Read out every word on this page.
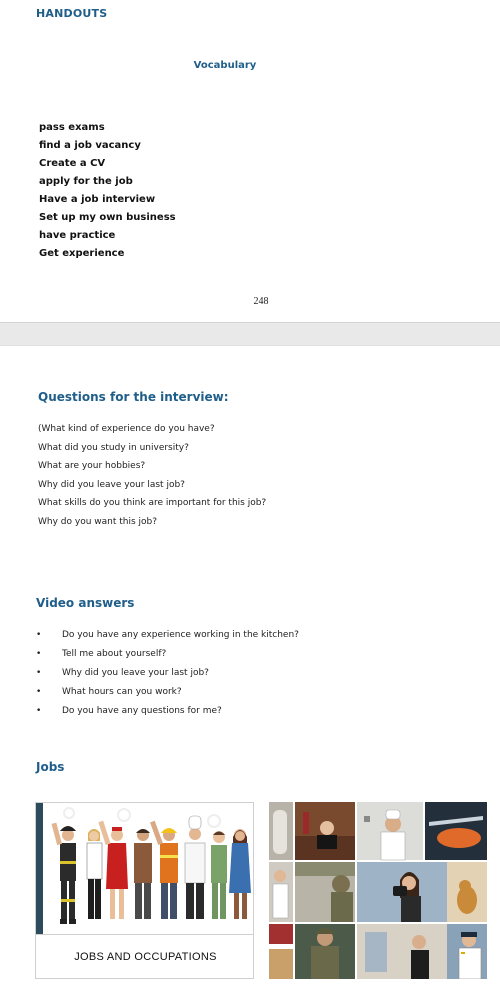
HANDOUTS
Vocabulary
pass exams
find a job vacancy
Create a CV
apply for the job
Have a job interview
Set up my own business
have practice
Get experience
248
Questions for the interview:
(What kind of experience do you have?
What did you study in university?
What are your hobbies?
Why did you leave your last job?
What skills do you think are important for this job?
Why do you want this job?
Video answers
• Do you have any experience working in the kitchen?
• Tell me about yourself?
• Why did you leave your last job?
• What hours can you work?
• Do you have any questions for me?
Jobs
JOBS AND OCCUPATIONS
